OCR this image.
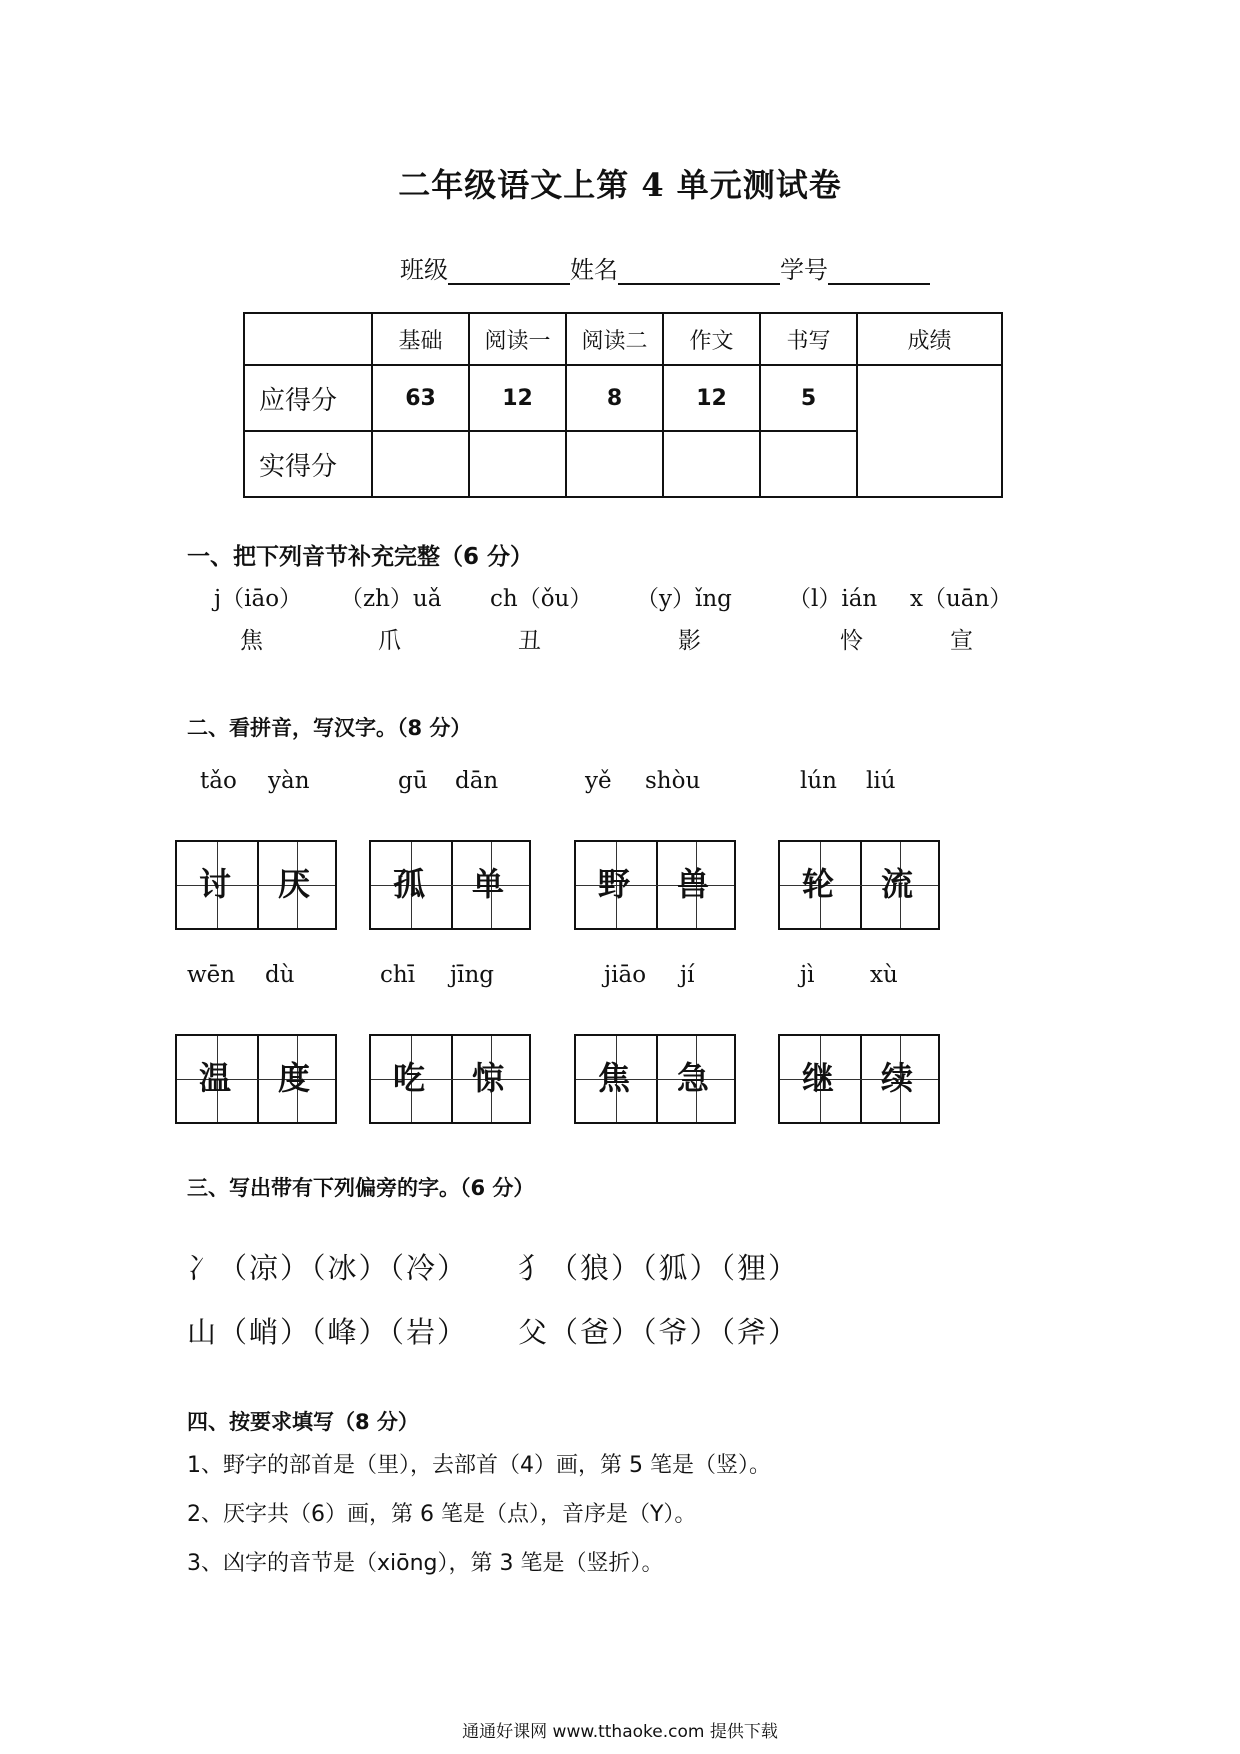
二年级语文上第 4 单元测试卷
班级	姓名	学号
	基础	阅读一	阅读二	作文	书写	成绩
应得分	63	12	8	12	5	
实得分						
一、把下列音节补充完整（6 分）
j（iāo） （zh）uǎ ch（ǒu） （y）ǐng （l）ián x（uān）
焦	爪	丑	影	怜	宣
二、看拼音，写汉字。（8 分）
tǎo yàn	gū dān	yě shòu	lún liú
讨 厌	孤 单	野 兽	轮 流
wēn dù	chī jīng	jiāo jí	jì xù
温 度	吃 惊	焦 急	继 续
三、写出带有下列偏旁的字。（6 分）
冫（凉）（冰）（冷） 犭（狼）（狐）（狸）
山（峭）（峰）（岩） 父（爸）（爷）（斧）
四、按要求填写（8 分）
1、野字的部首是（里），去部首（4）画，第 5 笔是（竖）。
2、厌字共（6）画，第 6 笔是（点），音序是（Y）。
3、凶字的音节是（xiōng），第 3 笔是（竖折）。
通通好课网 www.tthaoke.com 提供下载
